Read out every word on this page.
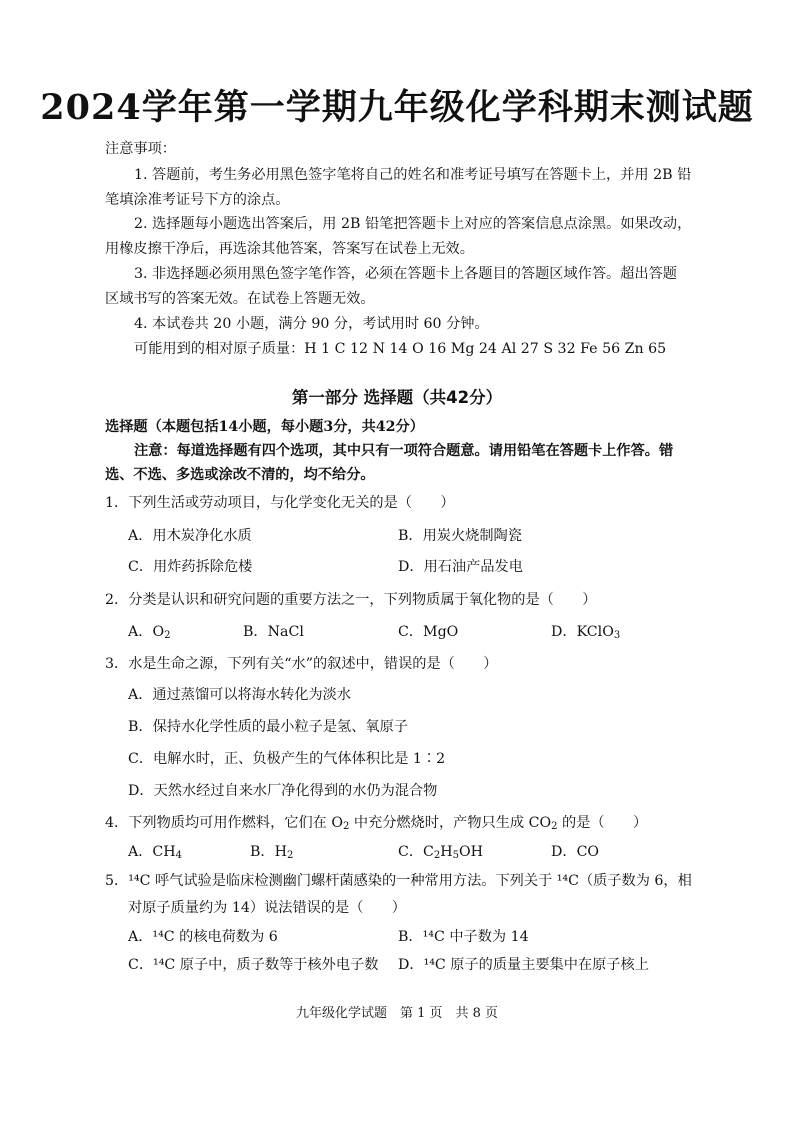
2024学年第一学期九年级化学科期末测试题
注意事项：
1. 答题前，考生务必用黑色签字笔将自己的姓名和准考证号填写在答题卡上，并用 2B 铅
笔填涂准考证号下方的涂点。
2. 选择题每小题选出答案后，用 2B 铅笔把答题卡上对应的答案信息点涂黑。如果改动，
用橡皮擦干净后，再选涂其他答案，答案写在试卷上无效。
3. 非选择题必须用黑色签字笔作答，必须在答题卡上各题目的答题区域作答。超出答题
区域书写的答案无效。在试卷上答题无效。
4. 本试卷共 20 小题，满分 90 分，考试用时 60 分钟。
可能用到的相对原子质量：H 1 C 12 N 14 O 16 Mg 24 Al 27 S 32 Fe 56 Zn 65
第一部分 选择题（共42分）
选择题（本题包括14小题，每小题3分，共42分）
注意：每道选择题有四个选项，其中只有一项符合题意。请用铅笔在答题卡上作答。错
选、不选、多选或涂改不清的，均不给分。
1．下列生活或劳动项目，与化学变化无关的是（　　）
A．用木炭净化水质	B．用炭火烧制陶瓷
C．用炸药拆除危楼	D．用石油产品发电
2．分类是认识和研究问题的重要方法之一，下列物质属于氧化物的是（　　）
A．$O_2$	B．NaCl	C．MgO	D．KClO$_3$
3．水是生命之源，下列有关“水”的叙述中，错误的是（　　）
A．通过蒸馏可以将海水转化为淡水
B．保持水化学性质的最小粒子是氢、氧原子
C．电解水时，正、负极产生的气体体积比是 1∶2
D．天然水经过自来水厂净化得到的水仍为混合物
4．下列物质均可用作燃料，它们在 $O_2$ 中充分燃烧时，产物只生成 $CO_2$ 的是（　　）
A．$CH_4$	B．$H_2$	C．$C_2H_5OH$	D．CO
5．¹⁴C 呼气试验是临床检测幽门螺杆菌感染的一种常用方法。下列关于 ¹⁴C（质子数为 6，相
对原子质量约为 14）说法错误的是（　　）
A．¹⁴C 的核电荷数为 6	B．¹⁴C 中子数为 14
C．¹⁴C 原子中，质子数等于核外电子数 D．¹⁴C 原子的质量主要集中在原子核上
九年级化学试题　第 1 页　共 8 页
